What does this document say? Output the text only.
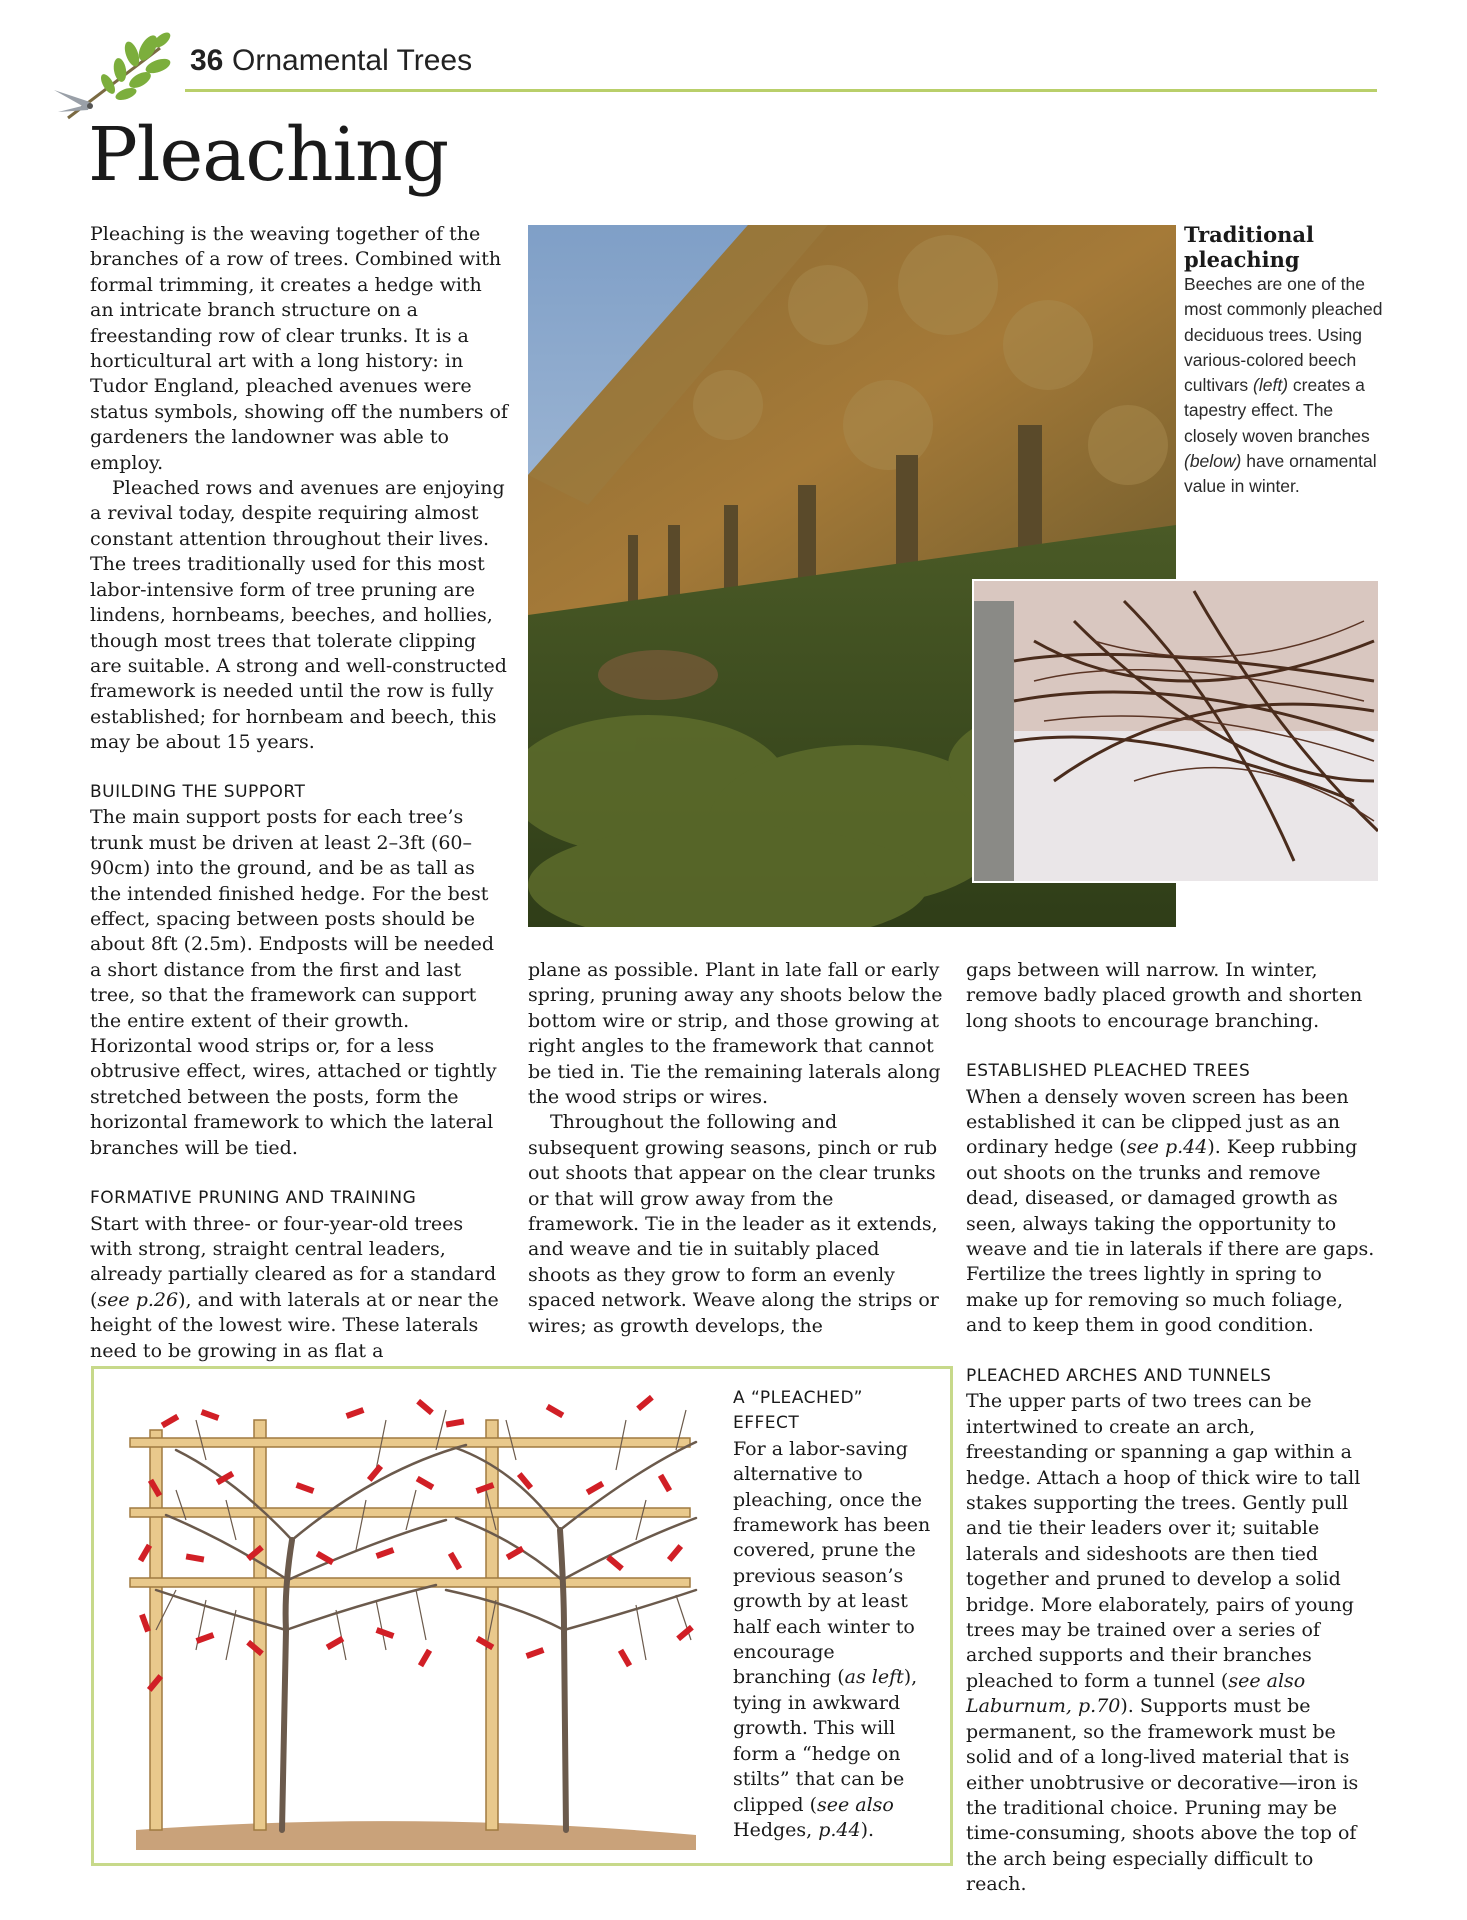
36 Ornamental Trees
Pleaching

Pleaching is the weaving together of the branches of a row of trees. Combined with formal trimming, it creates a hedge with an intricate branch structure on a freestanding row of clear trunks. It is a horticultural art with a long history: in Tudor England, pleached avenues were status symbols, showing off the numbers of gardeners the landowner was able to employ.

Pleached rows and avenues are enjoying a revival today, despite requiring almost constant attention throughout their lives. The trees traditionally used for this most labor-intensive form of tree pruning are lindens, hornbeams, beeches, and hollies, though most trees that tolerate clipping are suitable. A strong and well-constructed framework is needed until the row is fully established; for hornbeam and beech, this may be about 15 years.

BUILDING THE SUPPORT

The main support posts for each tree’s trunk must be driven at least 2–3ft (60–90cm) into the ground, and be as tall as the intended finished hedge. For the best effect, spacing between posts should be about 8ft (2.5m). Endposts will be needed a short distance from the first and last tree, so that the framework can support the entire extent of their growth. Horizontal wood strips or, for a less obtrusive effect, wires, attached or tightly stretched between the posts, form the horizontal framework to which the lateral branches will be tied.

FORMATIVE PRUNING AND TRAINING

Start with three- or four-year-old trees with strong, straight central leaders, already partially cleared as for a standard (see p.26), and with laterals at or near the height of the lowest wire. These laterals need to be growing in as flat a

Traditional pleaching

Beeches are one of the most commonly pleached deciduous trees. Using various-colored beech cultivars (left) creates a tapestry effect. The closely woven branches (below) have ornamental value in winter.

plane as possible. Plant in late fall or early spring, pruning away any shoots below the bottom wire or strip, and those growing at right angles to the framework that cannot be tied in. Tie the remaining laterals along the wood strips or wires.

Throughout the following and subsequent growing seasons, pinch or rub out shoots that appear on the clear trunks or that will grow away from the framework. Tie in the leader as it extends, and weave and tie in suitably placed shoots as they grow to form an evenly spaced network. Weave along the strips or wires; as growth develops, the

gaps between will narrow. In winter, remove badly placed growth and shorten long shoots to encourage branching.

ESTABLISHED PLEACHED TREES

When a densely woven screen has been established it can be clipped just as an ordinary hedge (see p.44). Keep rubbing out shoots on the trunks and remove dead, diseased, or damaged growth as seen, always taking the opportunity to weave and tie in laterals if there are gaps. Fertilize the trees lightly in spring to make up for removing so much foliage, and to keep them in good condition.

PLEACHED ARCHES AND TUNNELS

The upper parts of two trees can be intertwined to create an arch, freestanding or spanning a gap within a hedge. Attach a hoop of thick wire to tall stakes supporting the trees. Gently pull and tie their leaders over it; suitable laterals and sideshoots are then tied together and pruned to develop a solid bridge. More elaborately, pairs of young trees may be trained over a series of arched supports and their branches pleached to form a tunnel (see also Laburnum, p.70). Supports must be permanent, so the framework must be solid and of a long-lived material that is either unobtrusive or decorative—iron is the traditional choice. Pruning may be time-consuming, shoots above the top of the arch being especially difficult to reach.

A “PLEACHED”
EFFECT

For a labor-saving alternative to pleaching, once the framework has been covered, prune the previous season’s growth by at least half each winter to encourage branching (as left), tying in awkward growth. This will form a “hedge on stilts” that can be clipped (see also Hedges, p.44).
